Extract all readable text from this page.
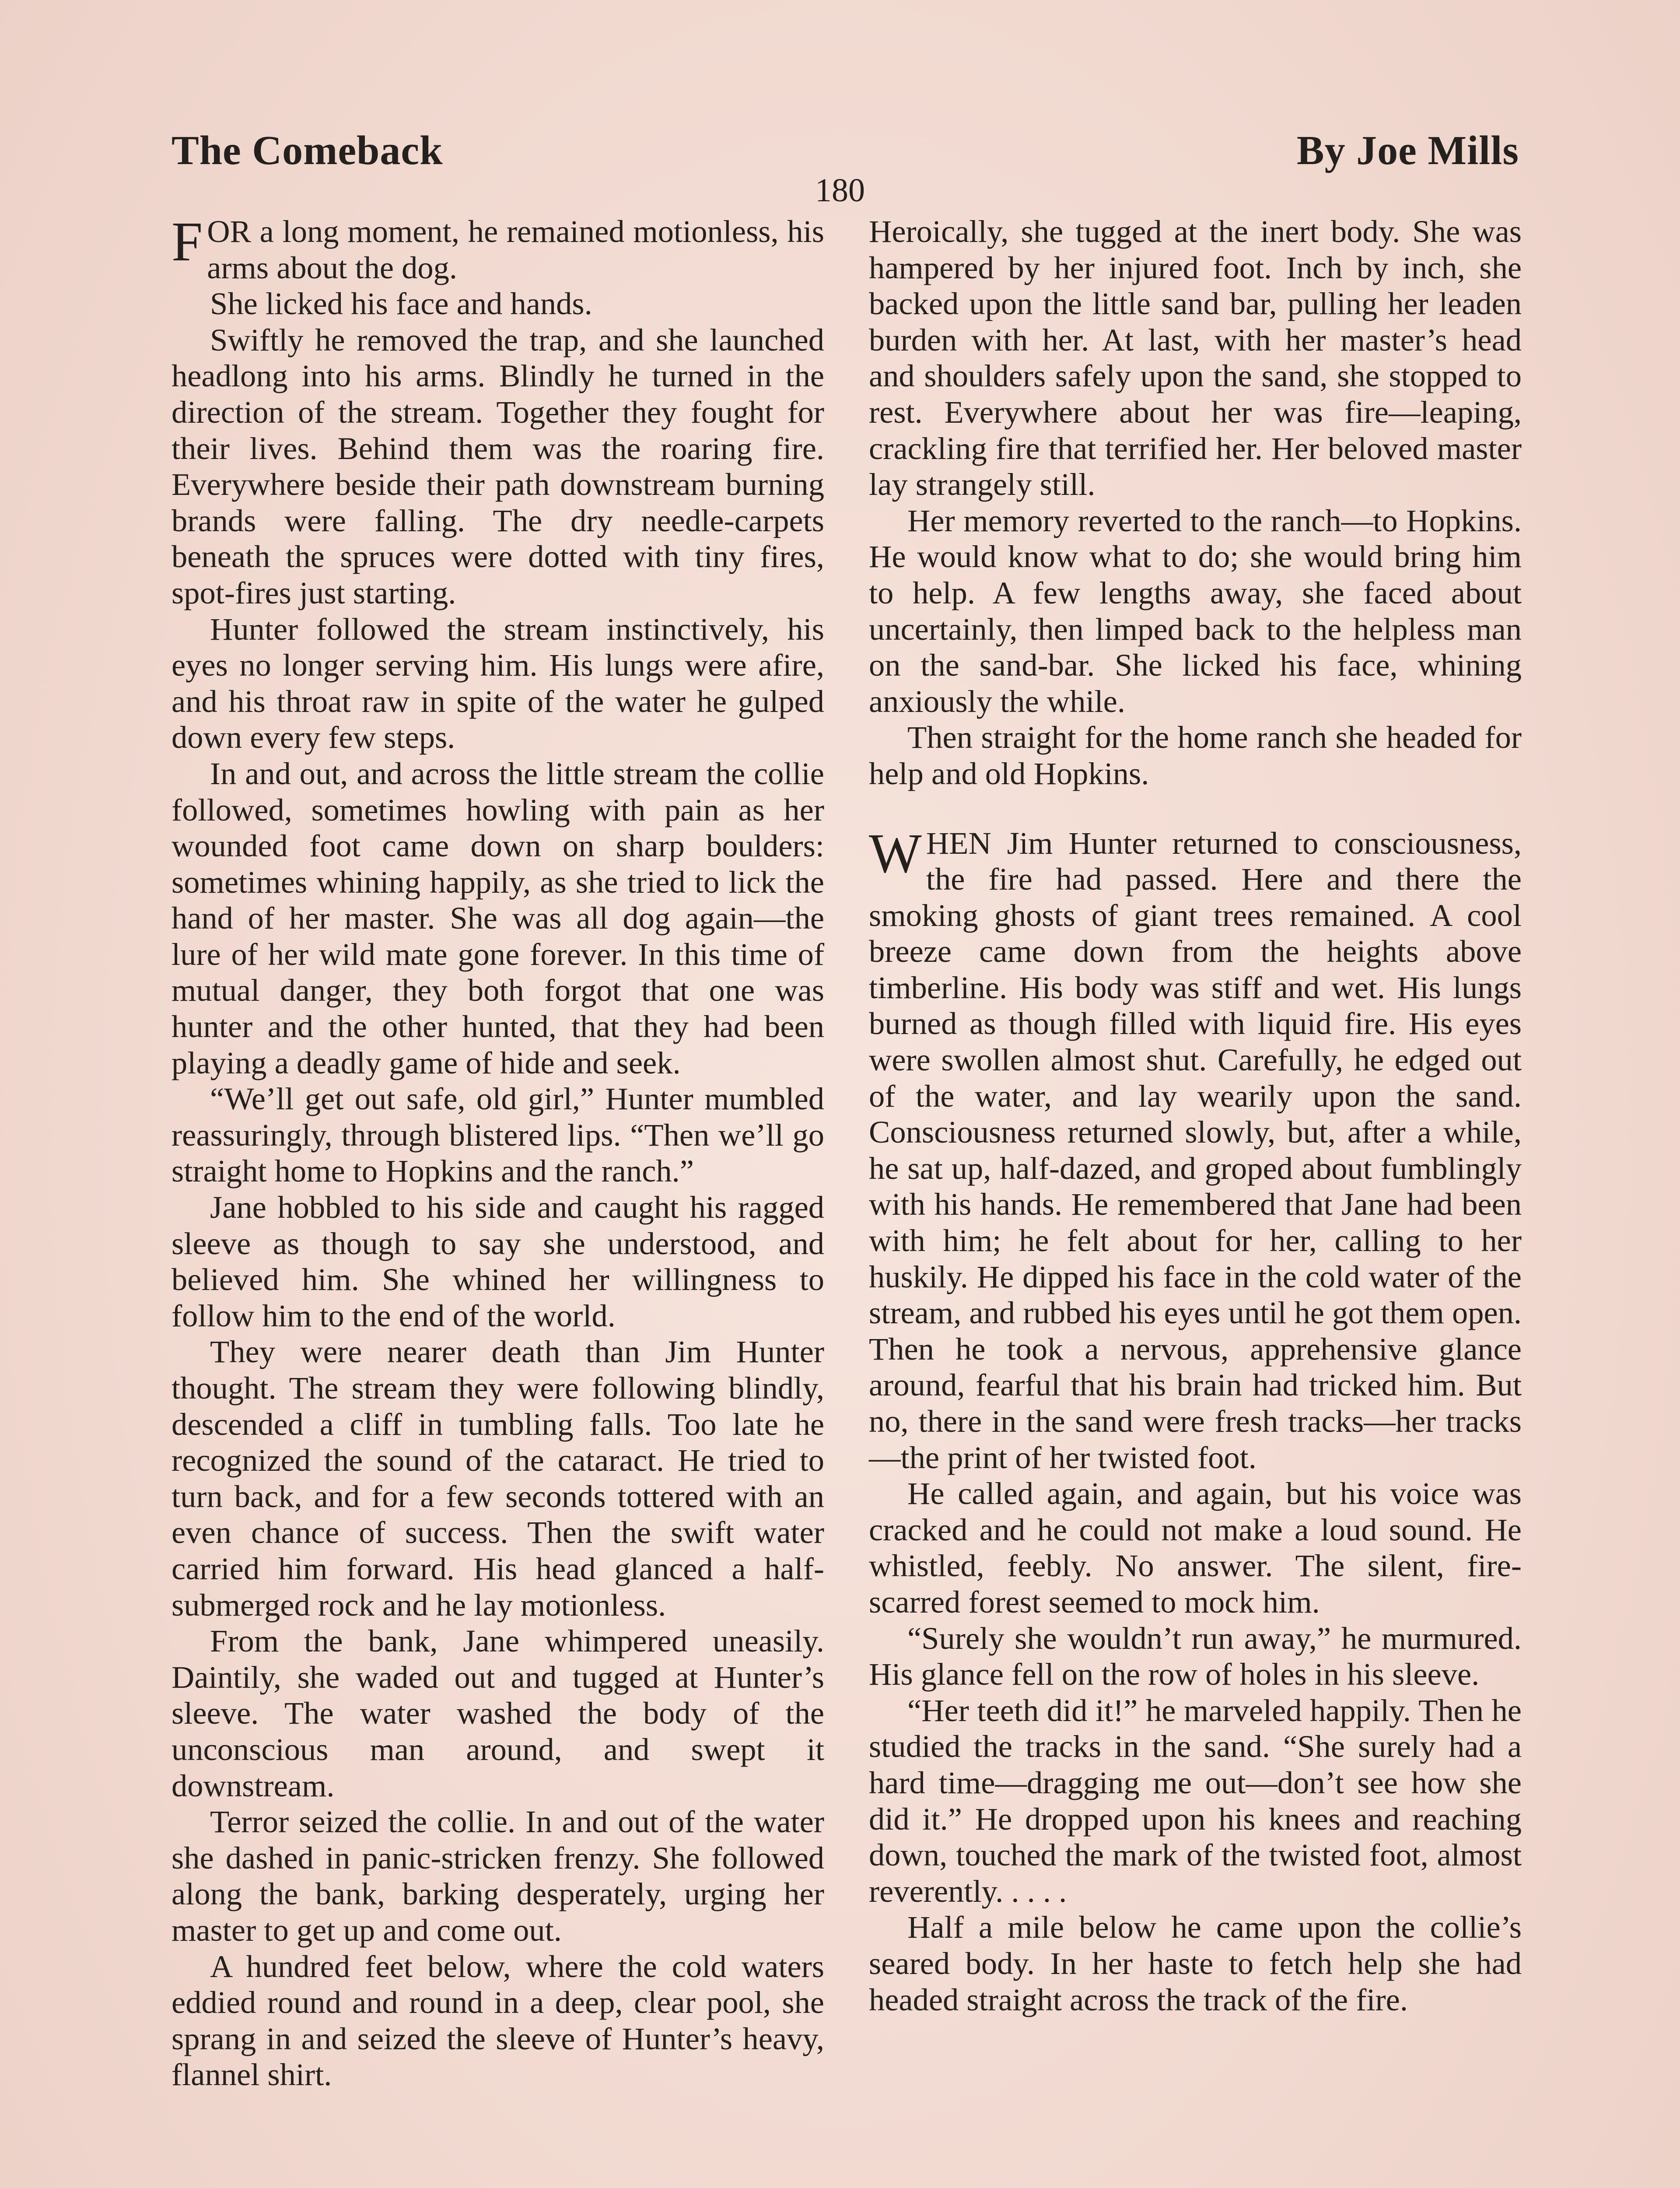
The Comeback	By Joe Mills
180

FOR a long moment, he remained motionless, his arms about the dog.

She licked his face and hands.

Swiftly he removed the trap, and she launched headlong into his arms. Blindly he turned in the direction of the stream. Together they fought for their lives. Behind them was the roaring fire. Everywhere beside their path downstream burning brands were falling. The dry needle-carpets beneath the spruces were dotted with tiny fires, spot-fires just starting.

Hunter followed the stream instinctively, his eyes no longer serving him. His lungs were afire, and his throat raw in spite of the water he gulped down every few steps.

In and out, and across the little stream the collie followed, sometimes howling with pain as her wounded foot came down on sharp boulders: sometimes whining happily, as she tried to lick the hand of her master. She was all dog again—the lure of her wild mate gone forever. In this time of mutual danger, they both forgot that one was hunter and the other hunted, that they had been playing a deadly game of hide and seek.

“We’ll get out safe, old girl,” Hunter mumbled reassuringly, through blistered lips. “Then we’ll go straight home to Hopkins and the ranch.”

Jane hobbled to his side and caught his ragged sleeve as though to say she understood, and believed him. She whined her willingness to follow him to the end of the world.

They were nearer death than Jim Hunter thought. The stream they were following blindly, descended a cliff in tumbling falls. Too late he recognized the sound of the cataract. He tried to turn back, and for a few seconds tottered with an even chance of success. Then the swift water carried him forward. His head glanced a half-submerged rock and he lay motionless.

From the bank, Jane whimpered uneasily. Daintily, she waded out and tugged at Hunter’s sleeve. The water washed the body of the unconscious man around, and swept it downstream.

Terror seized the collie. In and out of the water she dashed in panic-stricken frenzy. She followed along the bank, barking desperately, urging her master to get up and come out.

A hundred feet below, where the cold waters eddied round and round in a deep, clear pool, she sprang in and seized the sleeve of Hunter’s heavy, flannel shirt.

Heroically, she tugged at the inert body. She was hampered by her injured foot. Inch by inch, she backed upon the little sand bar, pulling her leaden burden with her. At last, with her master’s head and shoulders safely upon the sand, she stopped to rest. Everywhere about her was fire—leaping, crackling fire that terrified her. Her beloved master lay strangely still.

Her memory reverted to the ranch—to Hopkins. He would know what to do; she would bring him to help. A few lengths away, she faced about uncertainly, then limped back to the helpless man on the sand-bar. She licked his face, whining anxiously the while.

Then straight for the home ranch she headed for help and old Hopkins.

WHEN Jim Hunter returned to consciousness, the fire had passed. Here and there the smoking ghosts of giant trees remained. A cool breeze came down from the heights above timberline. His body was stiff and wet. His lungs burned as though filled with liquid fire. His eyes were swollen almost shut. Carefully, he edged out of the water, and lay wearily upon the sand. Consciousness returned slowly, but, after a while, he sat up, half-dazed, and groped about fumblingly with his hands. He remembered that Jane had been with him; he felt about for her, calling to her huskily. He dipped his face in the cold water of the stream, and rubbed his eyes until he got them open. Then he took a nervous, apprehensive glance around, fearful that his brain had tricked him. But no, there in the sand were fresh tracks—her tracks—the print of her twisted foot.

He called again, and again, but his voice was cracked and he could not make a loud sound. He whistled, feebly. No answer. The silent, fire-scarred forest seemed to mock him.

“Surely she wouldn’t run away,” he murmured. His glance fell on the row of holes in his sleeve.

“Her teeth did it!” he marveled happily. Then he studied the tracks in the sand. “She surely had a hard time—dragging me out—don’t see how she did it.” He dropped upon his knees and reaching down, touched the mark of the twisted foot, almost reverently. . . . .

Half a mile below he came upon the collie’s seared body. In her haste to fetch help she had headed straight across the track of the fire.
